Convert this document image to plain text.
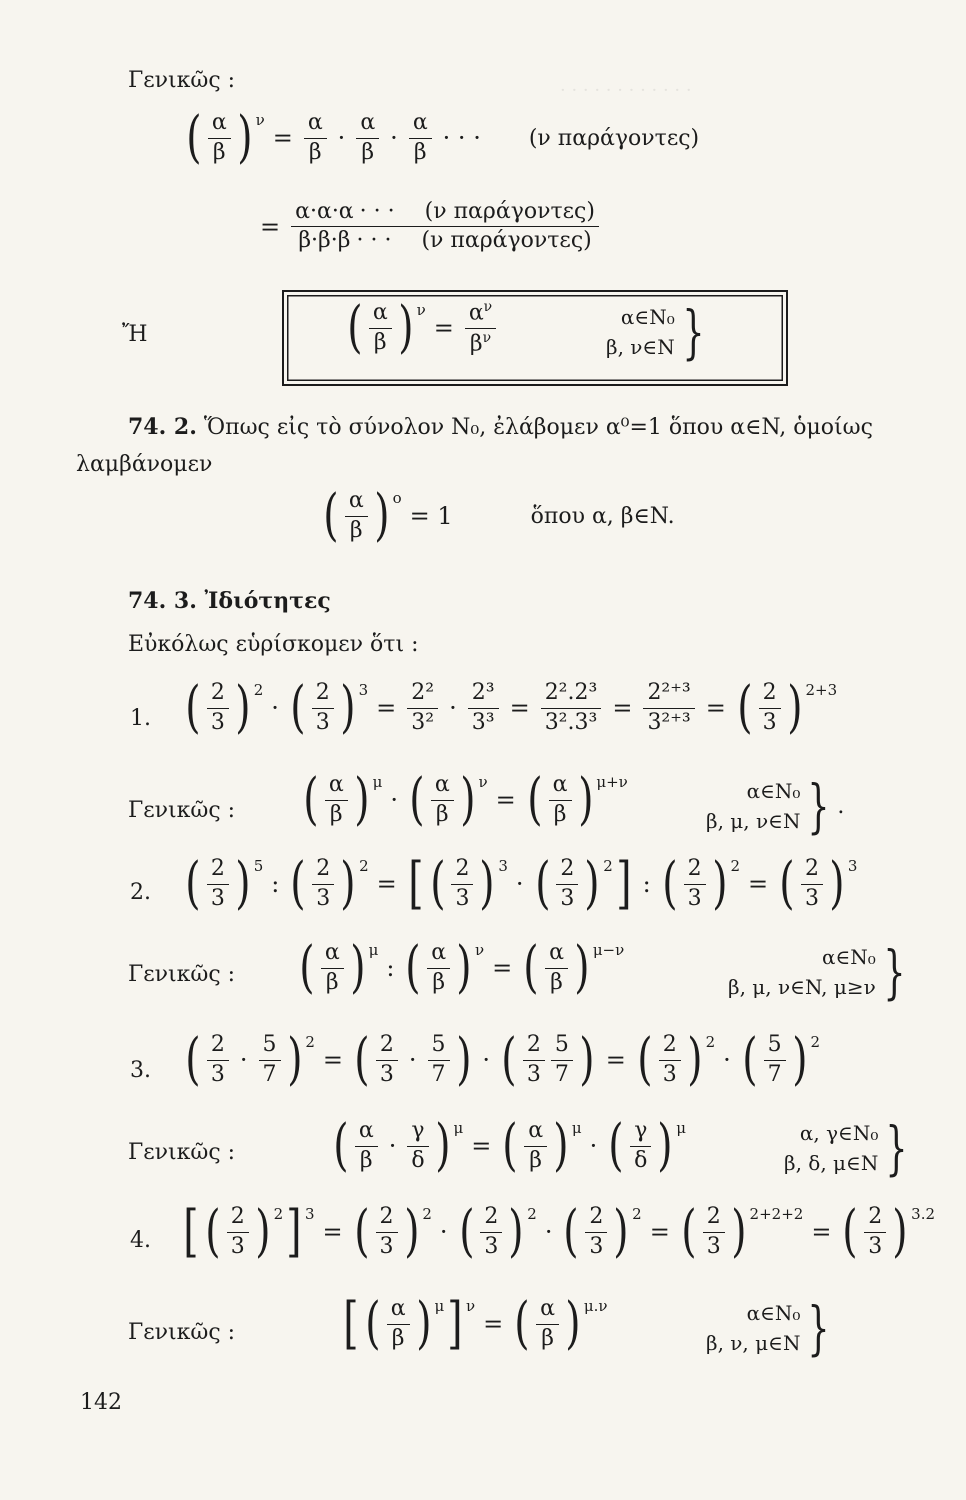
· · · · · · · · · · · ·
Γενικῶς :
( $\frac{\alpha}{\beta}$ ) ν
= $\frac{\alpha}{\beta} \cdot \frac{\alpha}{\beta} \cdot \frac{\alpha}{\beta}$ · · · (ν παράγοντες)
= $\frac{\text{α·α·α · · · (ν παράγοντες)}}{\text{β·β·β · · · (ν παράγοντες)}}$
Ἤ	( $\frac{\alpha}{\beta}$ ) ν
= $\frac{\alpha^\nu}{\beta^\nu}$	α∈N₀
β, ν∈N }
74. 2. Ὅπως εἰς τὸ σύνολον N₀, ἐλάβομεν α⁰=1 ὅπου α∈N, ὁμοίως
λαμβάνομεν
( $\frac{\alpha}{\beta}$ ) o
= 1	ὅπου α, β∈N.
74. 3. Ἰδιότητες
Εὐκόλως εὑρίσκομεν ὅτι :
1. ( $\frac{2}{3}$ ) 2
· ( $\frac{2}{3}$ ) 3
= $\frac{\text{2²}}{\text{3²}} \cdot \frac{\text{2³}}{\text{3³}} = \frac{\text{2².2³}}{\text{3².3³}} = \frac{\text{2²⁺³}}{\text{3²⁺³}}$ = ( $\frac{2}{3}$ ) 2+3
Γενικῶς : ( $\frac{\alpha}{\beta}$ ) μ
· ( $\frac{\alpha}{\beta}$ ) ν
= ( $\frac{\alpha}{\beta}$ ) μ+ν	α∈N₀
β, μ, ν∈N } .
2. ( $\frac{2}{3}$ ) 5
: ( $\frac{2}{3}$ ) 2
= [ ( $\frac{2}{3}$ ) 3
· ( $\frac{2}{3}$ ) 2 ] : ( $\frac{2}{3}$ ) 2
= ( $\frac{2}{3}$ ) 3
Γενικῶς : ( $\frac{\alpha}{\beta}$ ) μ
: ( $\frac{\alpha}{\beta}$ ) ν
= ( $\frac{\alpha}{\beta}$ ) μ−ν	α∈N₀
β, μ, ν∈N, μ≥ν }
3. ( $\frac{2}{3} \cdot \frac{5}{7}$ ) 2
= ( $\frac{2}{3} \cdot \frac{5}{7}$ ) · ( $\frac{2}{3} \frac{5}{7}$ ) = ( $\frac{2}{3}$ ) 2
· ( $\frac{5}{7}$ ) 2
Γενικῶς : ( $\frac{\alpha}{\beta} \cdot \frac{\gamma}{\delta}$ ) μ
= ( $\frac{\alpha}{\beta}$ ) μ
· ( $\frac{\gamma}{\delta}$ ) μ	α, γ∈N₀
β, δ, μ∈N }
4. [ ( $\frac{2}{3}$ ) 2 ] 3
= ( $\frac{2}{3}$ ) 2
· ( $\frac{2}{3}$ ) 2
· ( $\frac{2}{3}$ ) 2
= ( $\frac{2}{3}$ ) 2+2+2
= ( $\frac{2}{3}$ ) 3.2
Γενικῶς : [ ( $\frac{\alpha}{\beta}$ ) μ ] ν
= ( $\frac{\alpha}{\beta}$ ) μ.ν	α∈N₀
β, ν, μ∈N }
142
